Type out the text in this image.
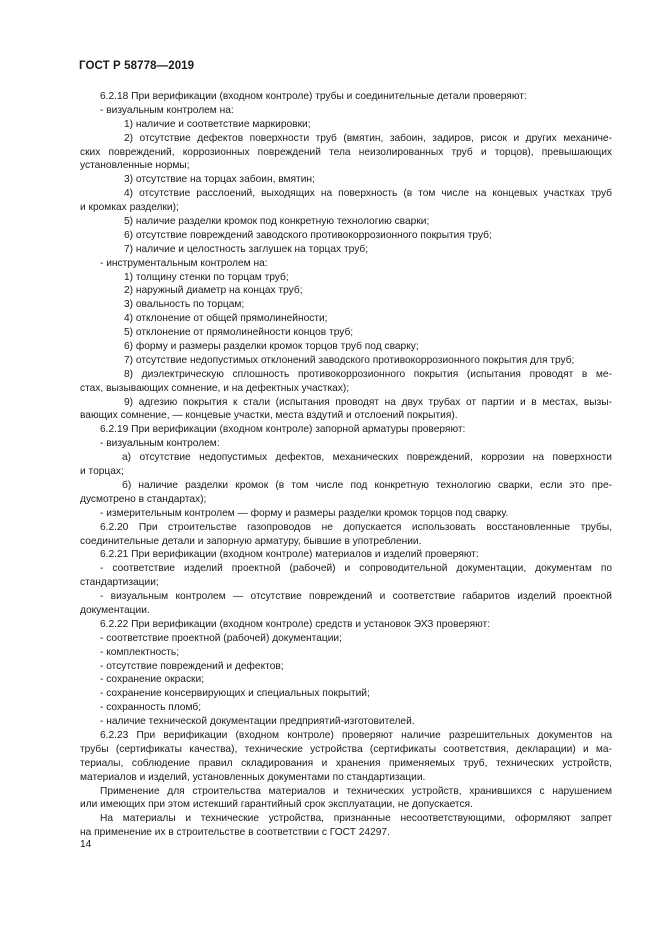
ГОСТ Р 58778—2019
6.2.18 При верификации (входном контроле) трубы и соединительные детали проверяют:
- визуальным контролем на:
1) наличие и соответствие маркировки;
2) отсутствие дефектов поверхности труб (вмятин, забоин, задиров, рисок и других механиче-
ских повреждений, коррозионных повреждений тела неизолированных труб и торцов), превышающих
установленные нормы;
3) отсутствие на торцах забоин, вмятин;
4) отсутствие расслоений, выходящих на поверхность (в том числе на концевых участках труб
и кромках разделки);
5) наличие разделки кромок под конкретную технологию сварки;
6) отсутствие повреждений заводского противокоррозионного покрытия труб;
7) наличие и целостность заглушек на торцах труб;
- инструментальным контролем на:
1) толщину стенки по торцам труб;
2) наружный диаметр на концах труб;
3) овальность по торцам;
4) отклонение от общей прямолинейности;
5) отклонение от прямолинейности концов труб;
6) форму и размеры разделки кромок торцов труб под сварку;
7) отсутствие недопустимых отклонений заводского противокоррозионного покрытия для труб;
8) диэлектрическую сплошность противокоррозионного покрытия (испытания проводят в ме-
стах, вызывающих сомнение, и на дефектных участках);
9) адгезию покрытия к стали (испытания проводят на двух трубах от партии и в местах, вызы-
вающих сомнение, — концевые участки, места вздутий и отслоений покрытия).
6.2.19 При верификации (входном контроле) запорной арматуры проверяют:
- визуальным контролем:
а) отсутствие недопустимых дефектов, механических повреждений, коррозии на поверхности
и торцах;
б) наличие разделки кромок (в том числе под конкретную технологию сварки, если это пре-
дусмотрено в стандартах);
- измерительным контролем — форму и размеры разделки кромок торцов под сварку.
6.2.20 При строительстве газопроводов не допускается использовать восстановленные трубы,
соединительные детали и запорную арматуру, бывшие в употреблении.
6.2.21 При верификации (входном контроле) материалов и изделий проверяют:
- соответствие изделий проектной (рабочей) и сопроводительной документации, документам по
стандартизации;
- визуальным контролем — отсутствие повреждений и соответствие габаритов изделий проектной
документации.
6.2.22 При верификации (входном контроле) средств и установок ЭХЗ проверяют:
- соответствие проектной (рабочей) документации;
- комплектность;
- отсутствие повреждений и дефектов;
- сохранение окраски;
- сохранение консервирующих и специальных покрытий;
- сохранность пломб;
- наличие технической документации предприятий-изготовителей.
6.2.23 При верификации (входном контроле) проверяют наличие разрешительных документов на
трубы (сертификаты качества), технические устройства (сертификаты соответствия, декларации) и ма-
териалы, соблюдение правил складирования и хранения применяемых труб, технических устройств,
материалов и изделий, установленных документами по стандартизации.
Применение для строительства материалов и технических устройств, хранившихся с нарушением
или имеющих при этом истекший гарантийный срок эксплуатации, не допускается.
На материалы и технические устройства, признанные несоответствующими, оформляют запрет
на применение их в строительстве в соответствии с ГОСТ 24297.
14
